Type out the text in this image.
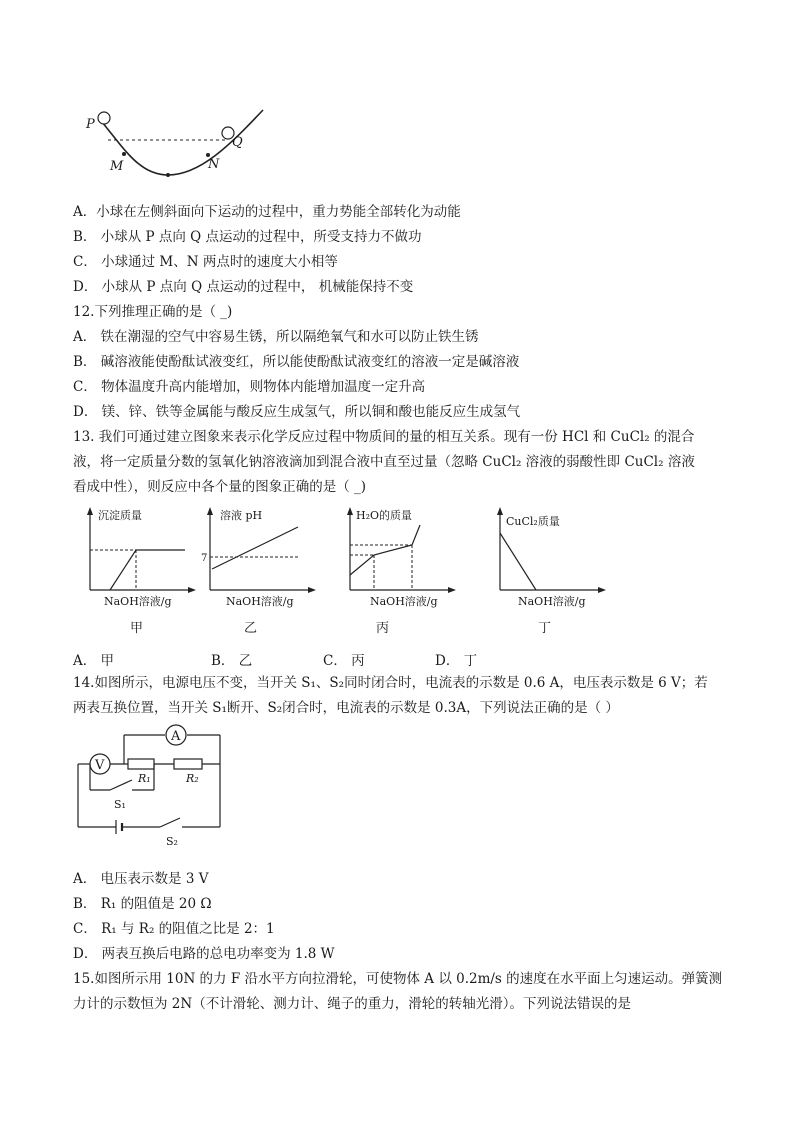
P
Q
M	N
A．小球在左侧斜面向下运动的过程中，重力势能全部转化为动能
B． 小球从 P 点向 Q 点运动的过程中，所受支持力不做功
C． 小球通过 M、N 两点时的速度大小相等
D． 小球从 P 点向 Q 点运动的过程中， 机械能保持不变
12.下列推理正确的是（ _)
A． 铁在潮湿的空气中容易生锈，所以隔绝氧气和水可以防止铁生锈
B． 碱溶液能使酚酞试液变红，所以能使酚酞试液变红的溶液一定是碱溶液
C． 物体温度升高内能增加，则物体内能增加温度一定升高
D． 镁、锌、铁等金属能与酸反应生成氢气，所以铜和酸也能反应生成氢气
13. 我们可通过建立图象来表示化学反应过程中物质间的量的相互关系。现有一份 HCl 和 CuCl₂ 的混合
液，将一定质量分数的氢氧化钠溶液滴加到混合液中直至过量（忽略 CuCl₂ 溶液的弱酸性即 CuCl₂ 溶液
看成中性），则反应中各个量的图象正确的是（ _)
沉淀质量
NaOH溶液/g
甲
溶液 pH
7
NaOH溶液/g
乙
H₂O的质量
NaOH溶液/g
丙
CuCl₂质量
NaOH溶液/g
丁
A． 甲	B． 乙	C． 丙	D． 丁
14.如图所示，电源电压不变，当开关 S₁、S₂同时闭合时，电流表的示数是 0.6 A，电压表示数是 6 V；若
两表互换位置，当开关 S₁断开、S₂闭合时，电流表的示数是 0.3A，下列说法正确的是（ ）
A
V
R₁	R₂
S₁
S₂
A． 电压表示数是 3 V
B． R₁ 的阻值是 20 Ω
C． R₁ 与 R₂ 的阻值之比是 2：1
D． 两表互换后电路的总电功率变为 1.8 W
15.如图所示用 10N 的力 F 沿水平方向拉滑轮，可使物体 A 以 0.2m/s 的速度在水平面上匀速运动。弹簧测
力计的示数恒为 2N（不计滑轮、测力计、绳子的重力，滑轮的转轴光滑）。下列说法错误的是
